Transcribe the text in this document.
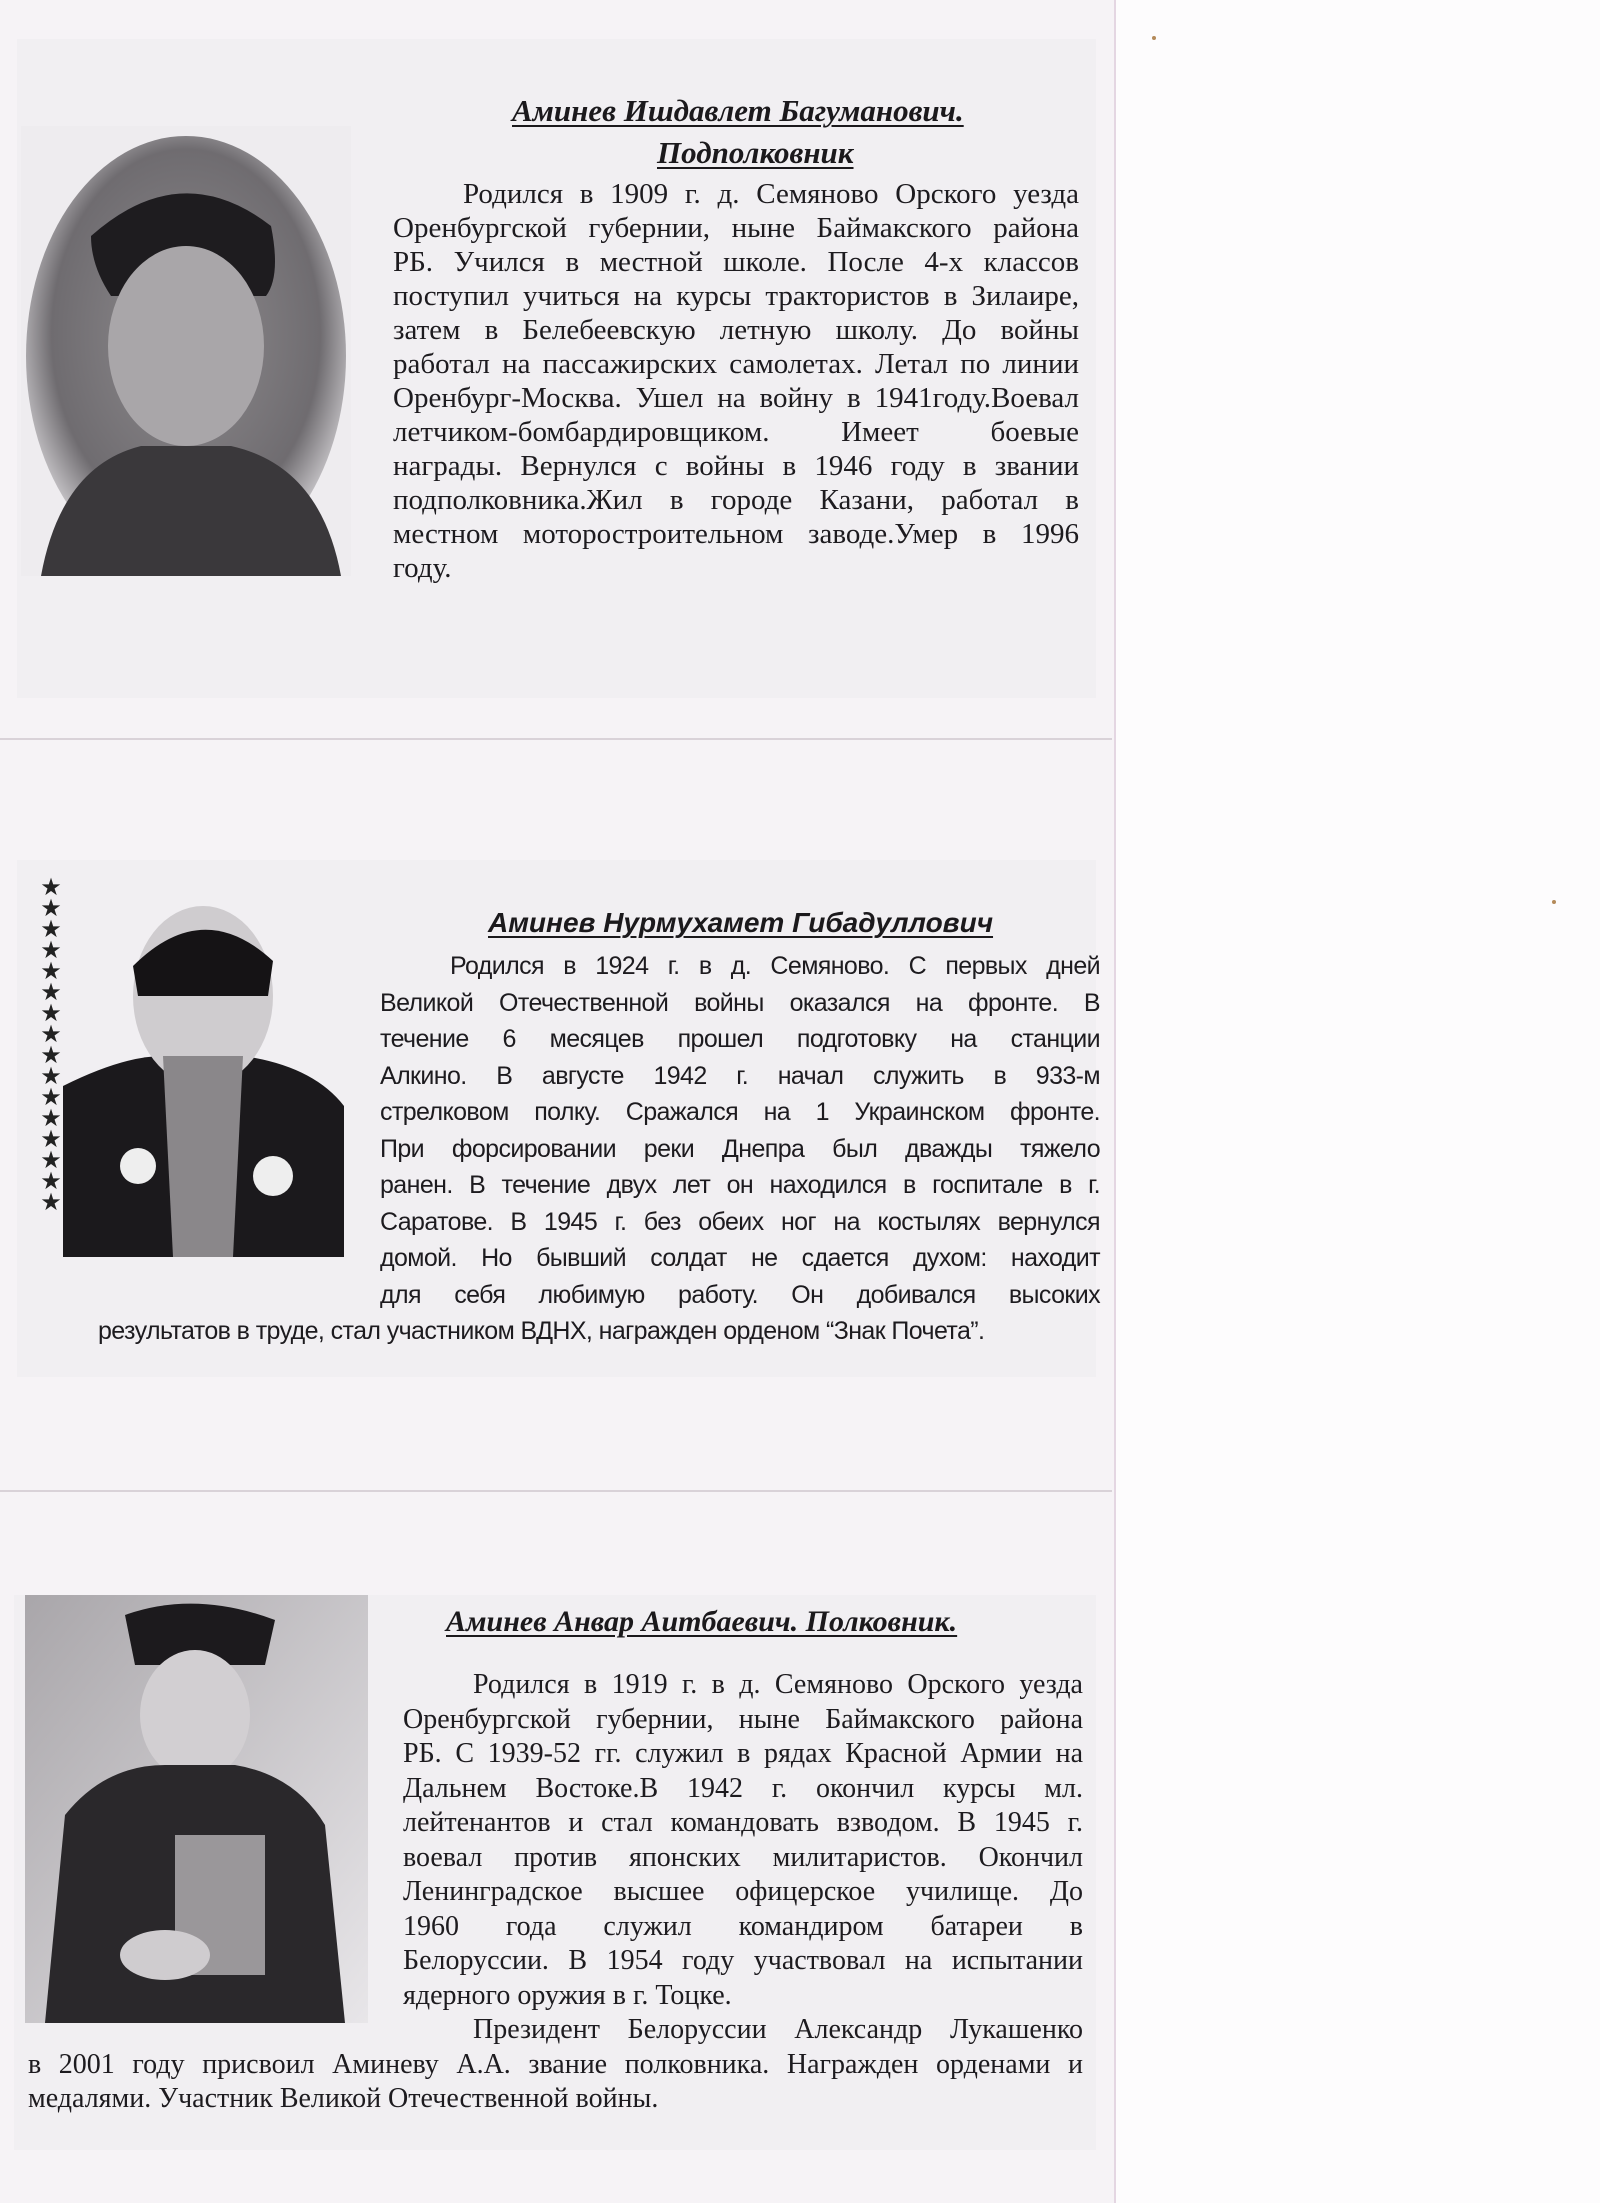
Аминев Ишдавлет Багуманович.
Подполковник
Родился в 1909 г. д. Семяново Орского уезда
Оренбургской губернии, ныне Баймакского района
РБ. Учился в местной школе. После 4-х классов
поступил учиться на курсы трактористов в Зилаире,
затем в Белебеевскую летную школу. До войны
работал на пассажирских самолетах. Летал по линии
Оренбург-Москва. Ушел на войну в 1941году.Воевал
летчиком-бомбардировщиком. Имеет боевые
награды. Вернулся с войны в 1946 году в звании
подполковника.Жил в городе Казани, работал в
местном моторостроительном заводе.Умер в 1996
году.
★★★★★★★★★★★★★★★★
Аминев Нурмухамет Гибадуллович
Родился в 1924 г. в д. Семяново. С первых дней
Великой Отечественной войны оказался на фронте. В
течение 6 месяцев прошел подготовку на станции
Алкино. В августе 1942 г. начал служить в 933-м
стрелковом полку. Сражался на 1 Украинском фронте.
При форсировании реки Днепра был дважды тяжело
ранен. В течение двух лет он находился в госпитале в г.
Саратове. В 1945 г. без обеих ног на костылях вернулся
домой. Но бывший солдат не сдается духом: находит
для себя любимую работу. Он добивался высоких
результатов в труде, стал участником ВДНХ, награжден орденом “Знак Почета”.
Аминев Анвар Аитбаевич. Полковник.
Родился в 1919 г. в д. Семяново Орского уезда
Оренбургской губернии, ныне Баймакского района
РБ. С 1939-52 гг. служил в рядах Красной Армии на
Дальнем Востоке.В 1942 г. окончил курсы мл.
лейтенантов и стал командовать взводом. В 1945 г.
воевал против японских милитаристов. Окончил
Ленинградское высшее офицерское училище. До
1960 года служил командиром батареи в
Белоруссии. В 1954 году участвовал на испытании
ядерного оружия в г. Тоцке.
Президент Белоруссии Александр Лукашенко
в 2001 году присвоил Аминеву А.А. звание полковника. Награжден орденами и
медалями. Участник Великой Отечественной войны.
